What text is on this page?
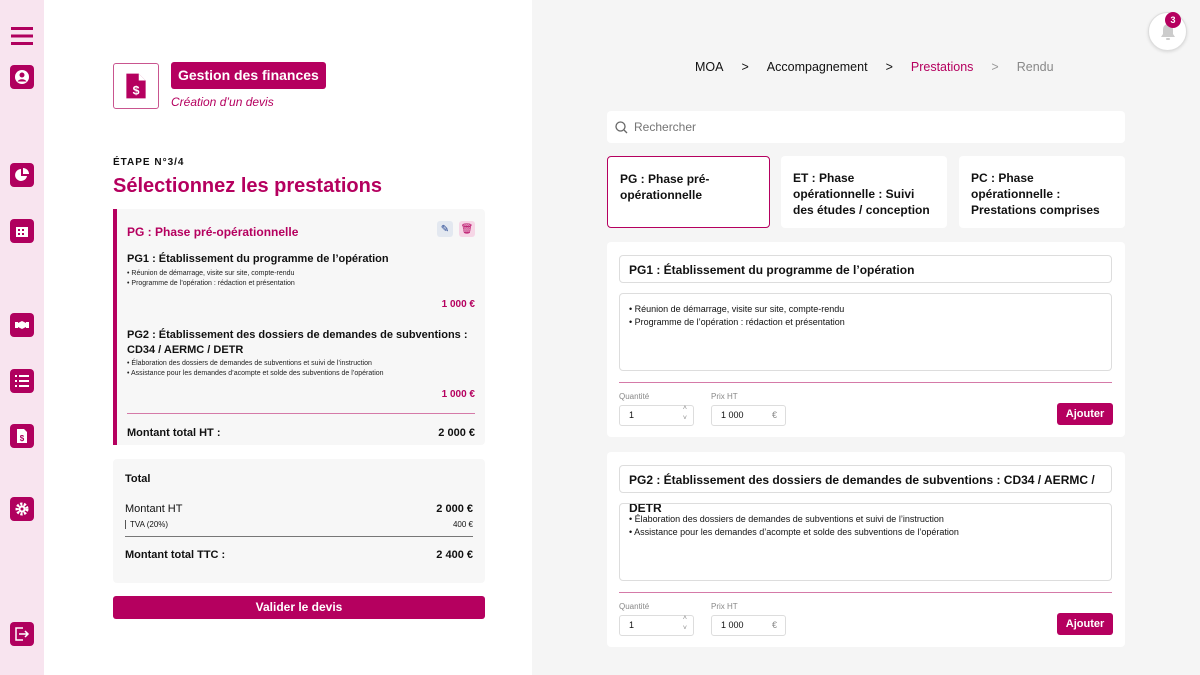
$
$
Gestion des finances
Création d’un devis
ÉTAPE N°3/4
Sélectionnez les prestations
PG : Phase pré-opérationnelle	✎	🗑
PG1 : Établissement du programme de l’opération
• Réunion de démarrage, visite sur site, compte-rendu
• Programme de l’opération : rédaction et présentation
1 000 €
PG2 : Établissement des dossiers de demandes de subventions : CD34 / AERMC / DETR
• Élaboration des dossiers de demandes de subventions et suivi de l’instruction
• Assistance pour les demandes d’acompte et solde des subventions de l’opération
1 000 €
Montant total HT :	2 000 €
Total
Montant HT	2 000 €
TVA (20%)	400 €
Montant total TTC :	2 400 €
Valider le devis
MOA > Accompagnement > Prestations > Rendu
3
Rechercher
PG : Phase pré-opérationnelle
ET : Phase opérationnelle : Suivi des études / conception
PC : Phase opérationnelle : Prestations comprises
PG1 : Établissement du programme de l’opération
• Réunion de démarrage, visite sur site, compte-rendu
• Programme de l’opération : rédaction et présentation
Quantité
1
˄
˅
Prix HT
1 000	€	Ajouter
PG2 : Établissement des dossiers de demandes de subventions : CD34 / AERMC / DETR
• Élaboration des dossiers de demandes de subventions et suivi de l’instruction
• Assistance pour les demandes d’acompte et solde des subventions de l’opération
Quantité
1
˄
˅
Prix HT
1 000	€	Ajouter
